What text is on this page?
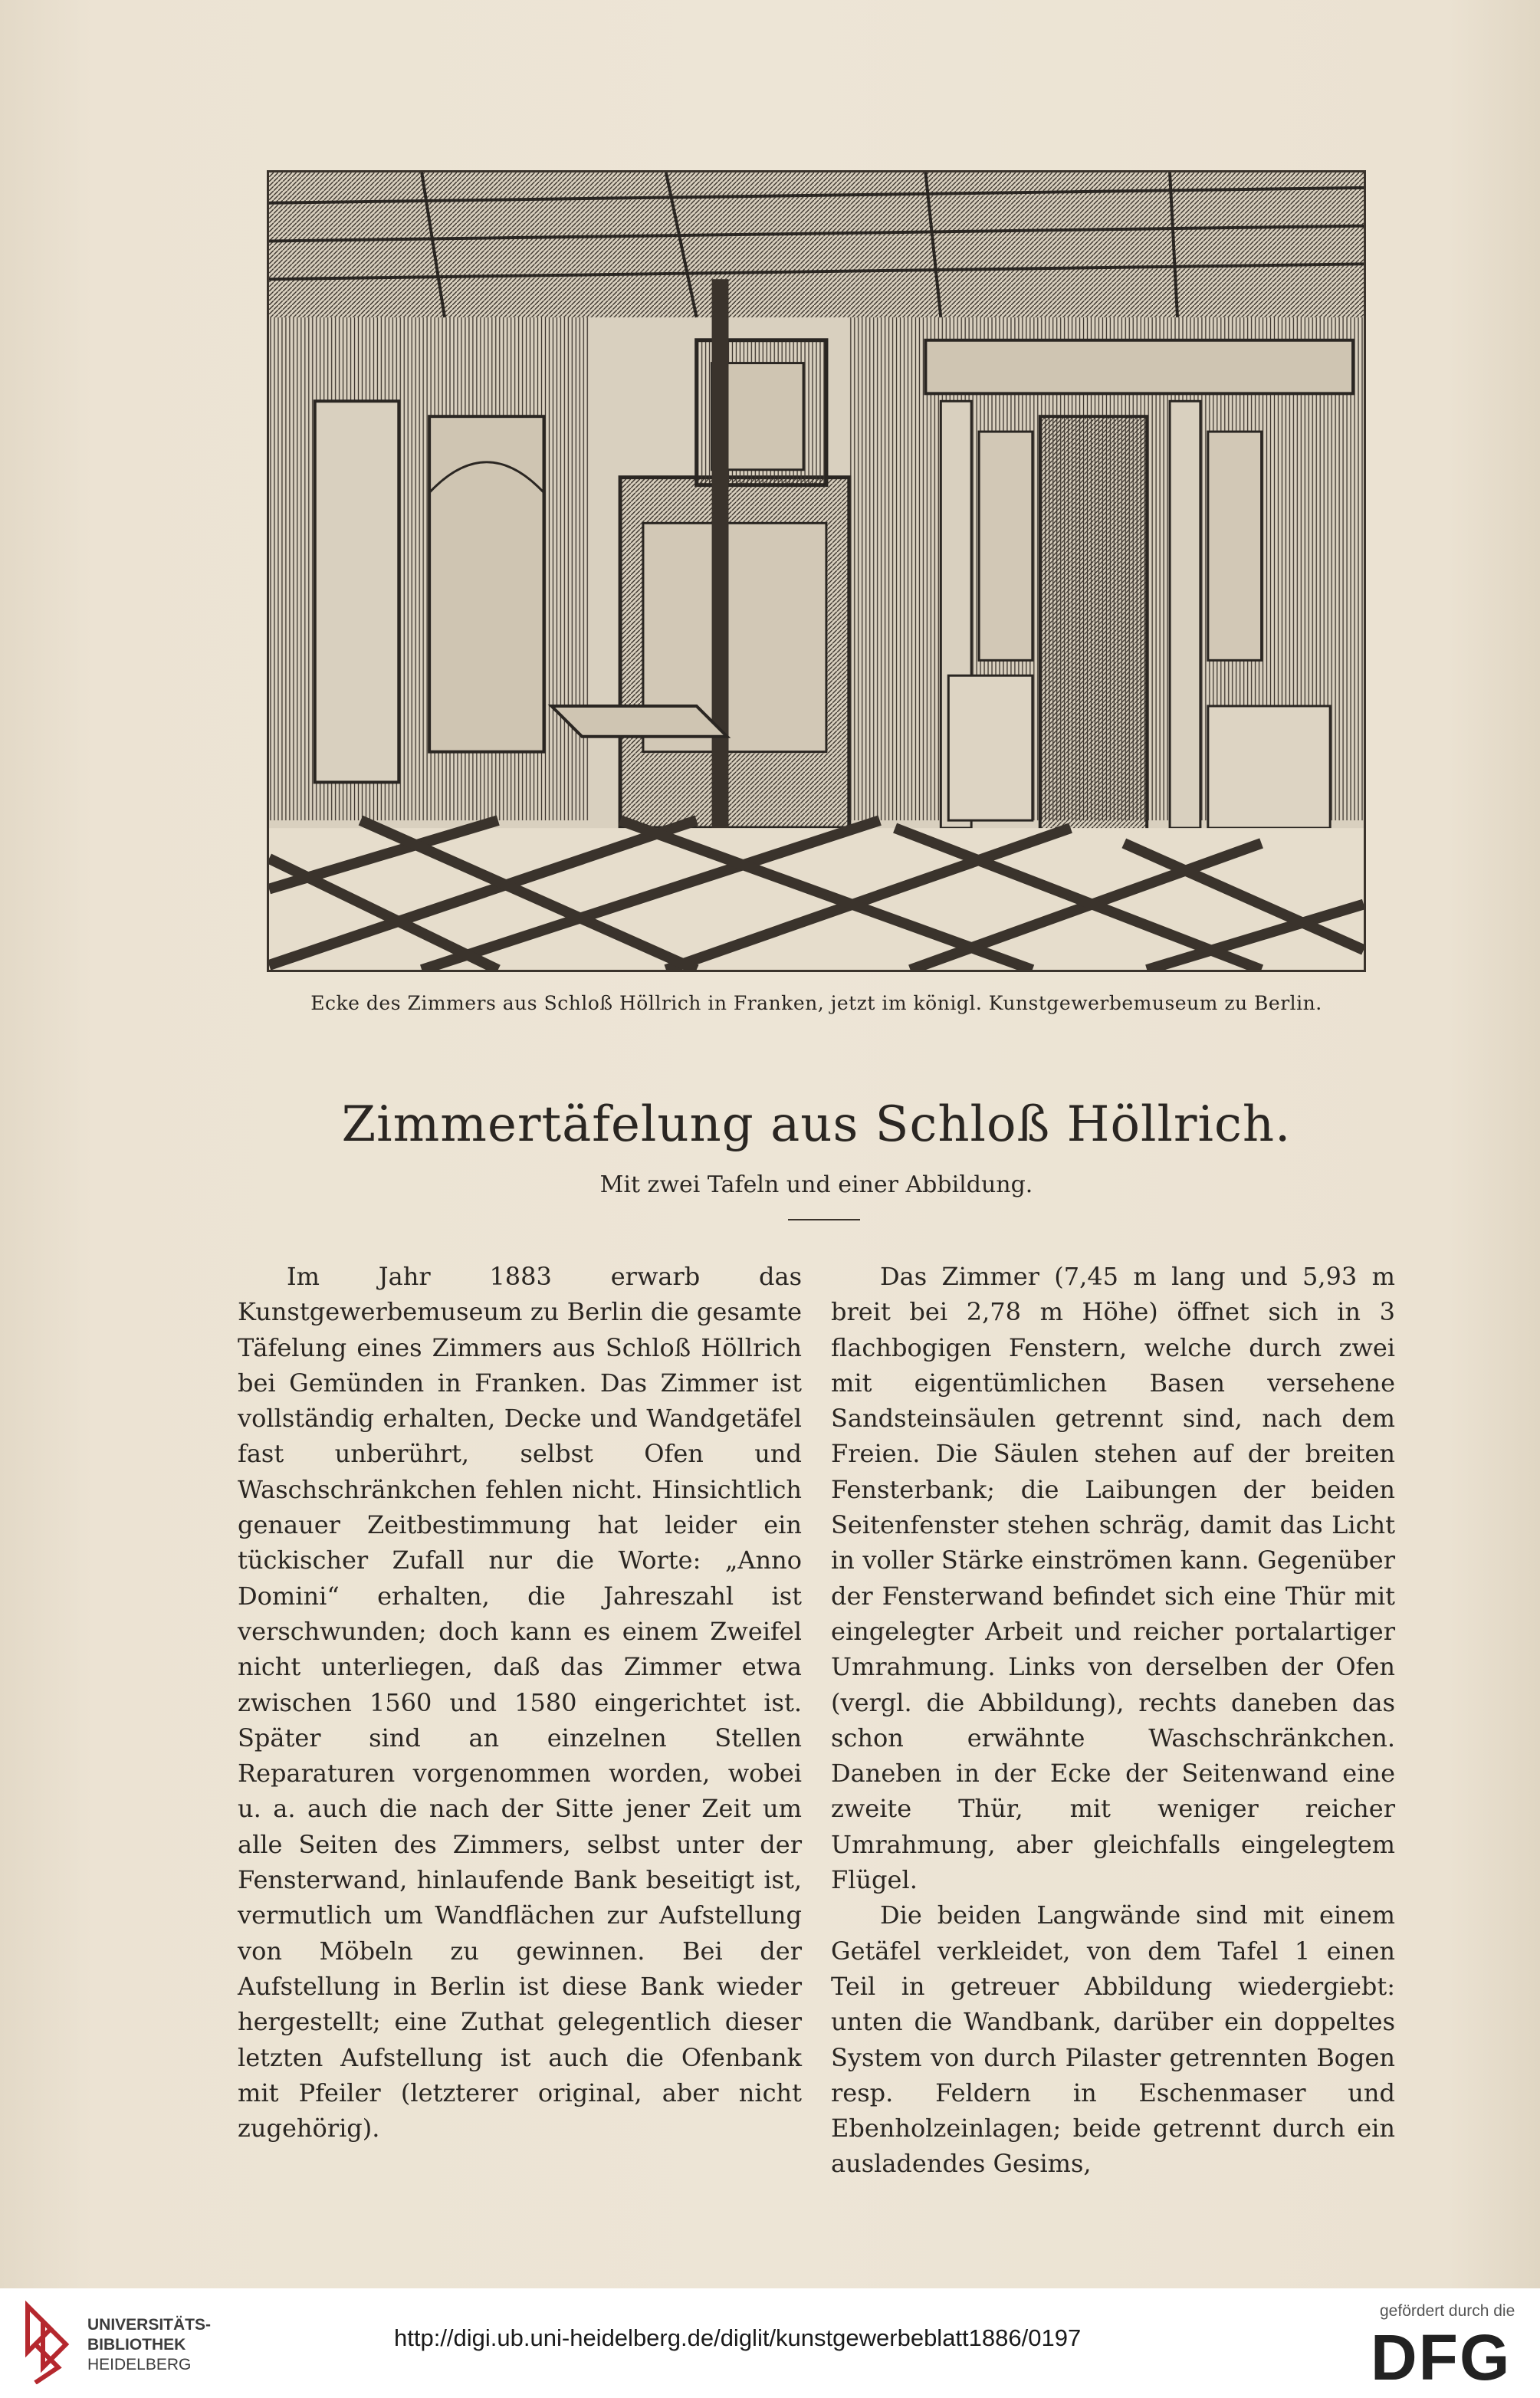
Ecke des Zimmers aus Schloß Höllrich in Franken, jetzt im königl. Kunstgewerbemuseum zu Berlin.
Zimmertäfelung aus Schloß Höllrich.
Mit zwei Tafeln und einer Abbildung.

Im Jahr 1883 erwarb das Kunstgewerbemuseum zu Berlin die gesamte Täfelung eines Zimmers aus Schloß Höllrich bei Gemünden in Franken. Das Zimmer ist vollständig erhalten, Decke und Wandgetäfel fast unberührt, selbst Ofen und Waschschränkchen fehlen nicht. Hinsichtlich genauer Zeitbestimmung hat leider ein tückischer Zufall nur die Worte: „Anno Domini“ erhalten, die Jahreszahl ist verschwunden; doch kann es einem Zweifel nicht unterliegen, daß das Zimmer etwa zwischen 1560 und 1580 eingerichtet ist. Später sind an einzelnen Stellen Reparaturen vorgenommen worden, wobei u. a. auch die nach der Sitte jener Zeit um alle Seiten des Zimmers, selbst unter der Fensterwand, hinlaufende Bank beseitigt ist, vermutlich um Wandflächen zur Aufstellung von Möbeln zu gewinnen. Bei der Aufstellung in Berlin ist diese Bank wieder hergestellt; eine Zuthat gelegentlich dieser letzten Aufstellung ist auch die Ofenbank mit Pfeiler (letzterer original, aber nicht zugehörig).

Das Zimmer (7,45 m lang und 5,93 m breit bei 2,78 m Höhe) öffnet sich in 3 flachbogigen Fenstern, welche durch zwei mit eigentümlichen Basen versehene Sandsteinsäulen getrennt sind, nach dem Freien. Die Säulen stehen auf der breiten Fensterbank; die Laibungen der beiden Seitenfenster stehen schräg, damit das Licht in voller Stärke einströmen kann. Gegenüber der Fensterwand befindet sich eine Thür mit eingelegter Arbeit und reicher portalartiger Umrahmung. Links von derselben der Ofen (vergl. die Abbildung), rechts daneben das schon erwähnte Waschschränkchen. Daneben in der Ecke der Seitenwand eine zweite Thür, mit weniger reicher Umrahmung, aber gleichfalls eingelegtem Flügel.

Die beiden Langwände sind mit einem Getäfel verkleidet, von dem Tafel 1 einen Teil in getreuer Abbildung wiedergiebt: unten die Wandbank, darüber ein doppeltes System von durch Pilaster getrennten Bogen resp. Feldern in Eschenmaser und Ebenholzeinlagen; beide getrennt durch ein ausladendes Gesims,

UNIVERSITÄTS-
BIBLIOTHEK
HEIDELBERG
http://digi.ub.uni-heidelberg.de/diglit/kunstgewerbeblatt1886/0197
gefördert durch die
DFG
